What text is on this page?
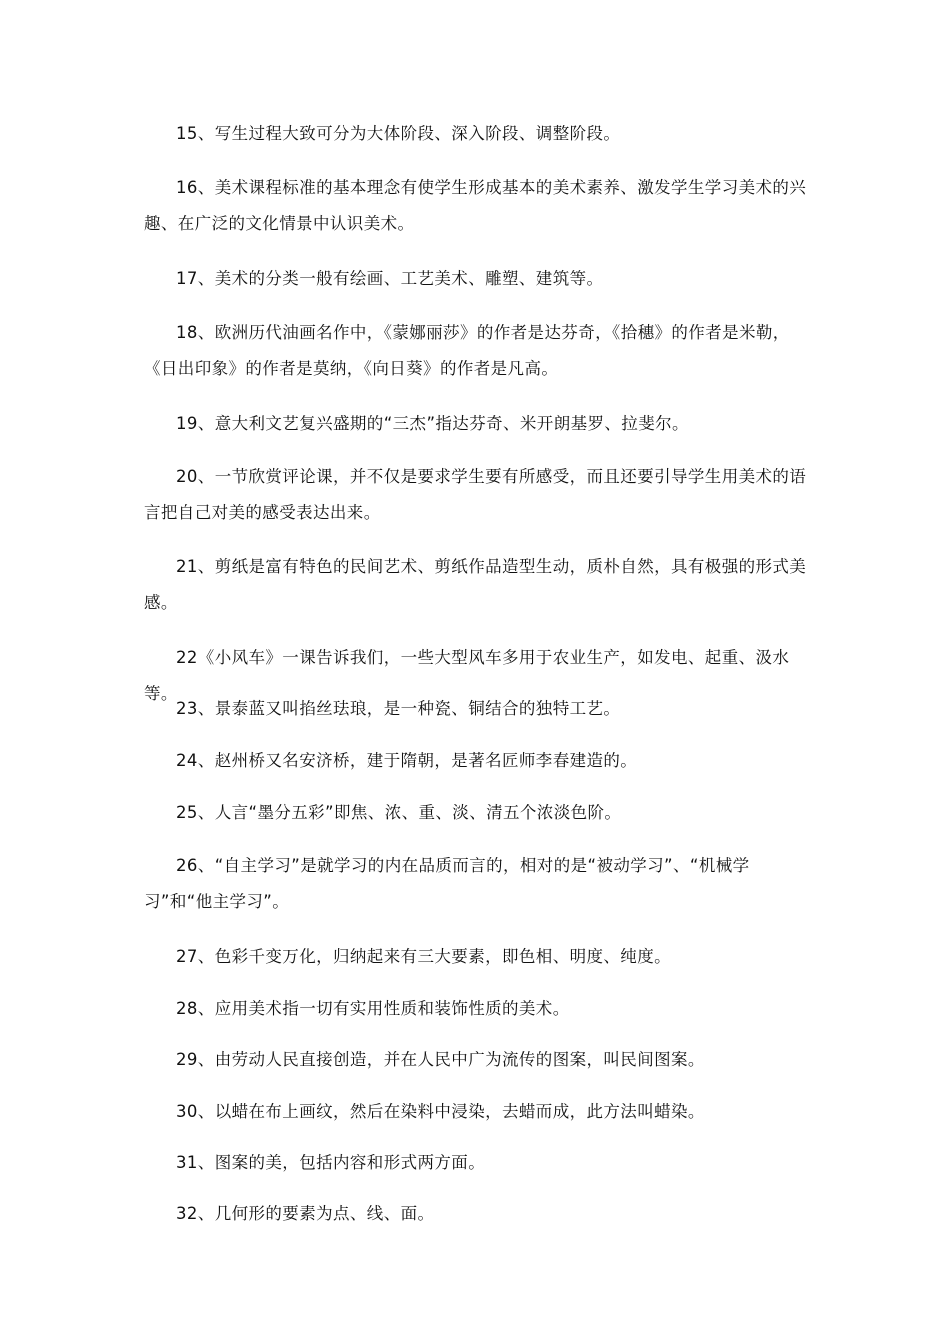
15、写生过程大致可分为大体阶段、深入阶段、调整阶段。

16、美术课程标准的基本理念有使学生形成基本的美术素养、激发学生学习美术的兴趣、在广泛的文化情景中认识美术。

17、美术的分类一般有绘画、工艺美术、雕塑、建筑等。

18、欧洲历代油画名作中，《蒙娜丽莎》的作者是达芬奇，《拾穗》的作者是米勒，《日出印象》的作者是莫纳，《向日葵》的作者是凡高。

19、意大利文艺复兴盛期的“三杰”指达芬奇、米开朗基罗、拉斐尔。

20、一节欣赏评论课，并不仅是要求学生要有所感受，而且还要引导学生用美术的语言把自己对美的感受表达出来。

21、剪纸是富有特色的民间艺术、剪纸作品造型生动，质朴自然，具有极强的形式美感。

22《小风车》一课告诉我们，一些大型风车多用于农业生产，如发电、起重、汲水等。

23、景泰蓝又叫掐丝珐琅，是一种瓷、铜结合的独特工艺。

24、赵州桥又名安济桥，建于隋朝，是著名匠师李春建造的。

25、人言“墨分五彩”即焦、浓、重、淡、清五个浓淡色阶。

26、“自主学习”是就学习的内在品质而言的，相对的是“被动学习”、“机械学习”和“他主学习”。

27、色彩千变万化，归纳起来有三大要素，即色相、明度、纯度。

28、应用美术指一切有实用性质和装饰性质的美术。

29、由劳动人民直接创造，并在人民中广为流传的图案，叫民间图案。

30、以蜡在布上画纹，然后在染料中浸染，去蜡而成，此方法叫蜡染。

31、图案的美，包括内容和形式两方面。

32、几何形的要素为点、线、面。
